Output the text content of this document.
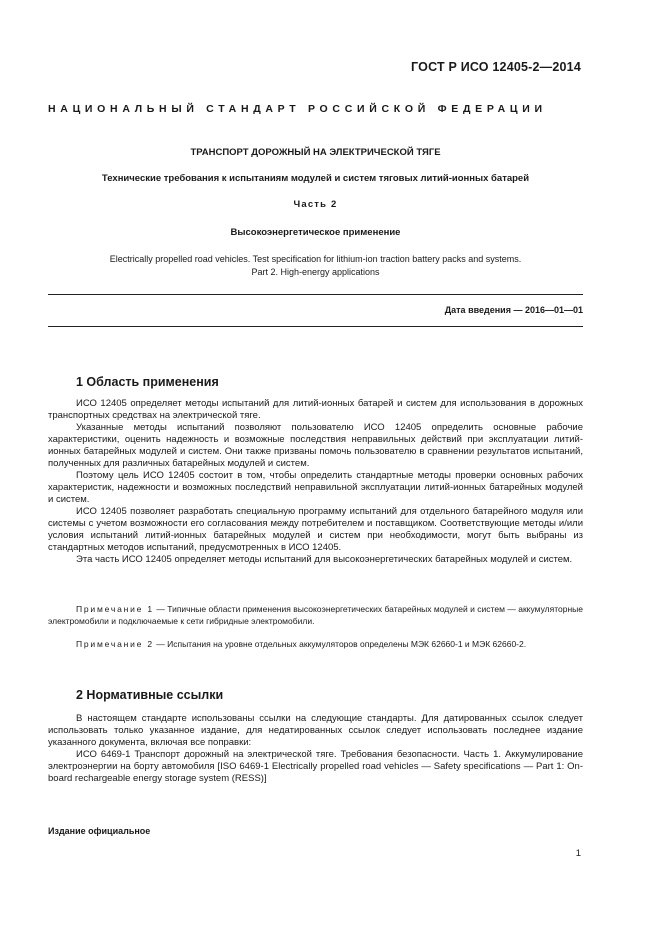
ГОСТ Р ИСО 12405-2—2014
НАЦИОНАЛЬНЫЙ СТАНДАРТ РОССИЙСКОЙ ФЕДЕРАЦИИ
ТРАНСПОРТ ДОРОЖНЫЙ НА ЭЛЕКТРИЧЕСКОЙ ТЯГЕ
Технические требования к испытаниям модулей и систем тяговых литий-ионных батарей
Часть 2
Высокоэнергетическое применение
Electrically propelled road vehicles. Test specification for lithium-ion traction battery packs and systems.
Part 2. High-energy applications
Дата введения — 2016—01—01
1 Область применения

ИСО 12405 определяет методы испытаний для литий-ионных батарей и систем для использования в дорожных транспортных средствах на электрической тяге.

Указанные методы испытаний позволяют пользователю ИСО 12405 определить основные рабочие характеристики, оценить надежность и возможные последствия неправильных действий при эксплуатации литий-ионных батарейных модулей и систем. Они также призваны помочь пользователю в сравнении результатов испытаний, полученных для различных батарейных модулей и систем.

Поэтому цель ИСО 12405 состоит в том, чтобы определить стандартные методы проверки основных рабочих характеристик, надежности и возможных последствий неправильной эксплуатации литий-ионных батарейных модулей и систем.

ИСО 12405 позволяет разработать специальную программу испытаний для отдельного батарейного модуля или системы с учетом возможности его согласования между потребителем и поставщиком. Соответствующие методы и/или условия испытаний литий-ионных батарейных модулей и систем при необходимости, могут быть выбраны из стандартных методов испытаний, предусмотренных в ИСО 12405.

Эта часть ИСО 12405 определяет методы испытаний для высокоэнергетических батарейных модулей и систем.

Примечание 1 — Типичные области применения высокоэнергетических батарейных модулей и систем — аккумуляторные электромобили и подключаемые к сети гибридные электромобили.

Примечание 2 — Испытания на уровне отдельных аккумуляторов определены МЭК 62660-1 и МЭК 62660-2.

2 Нормативные ссылки

В настоящем стандарте использованы ссылки на следующие стандарты. Для датированных ссылок следует использовать только указанное издание, для недатированных ссылок следует использовать последнее издание указанного документа, включая все поправки:

ИСО 6469-1 Транспорт дорожный на электрической тяге. Требования безопасности. Часть 1. Аккумулирование электроэнергии на борту автомобиля [ISO 6469-1 Electrically propelled road vehicles — Safety specifications — Part 1: On-board rechargeable energy storage system (RESS)]

Издание официальное
1
